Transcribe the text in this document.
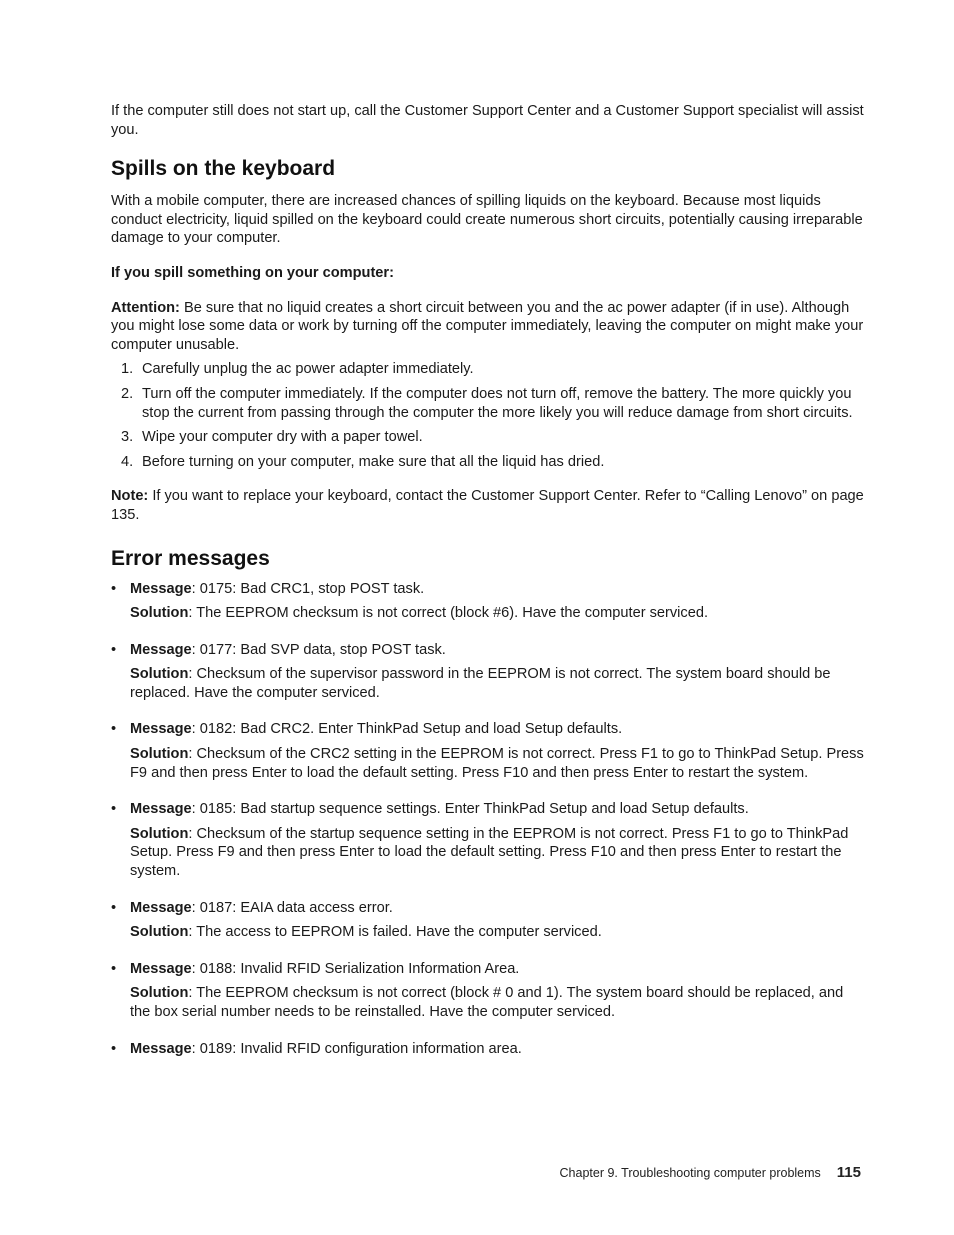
If the computer still does not start up, call the Customer Support Center and a Customer Support specialist will assist you.

Spills on the keyboard

With a mobile computer, there are increased chances of spilling liquids on the keyboard. Because most liquids conduct electricity, liquid spilled on the keyboard could create numerous short circuits, potentially causing irreparable damage to your computer.

If you spill something on your computer:

Attention: Be sure that no liquid creates a short circuit between you and the ac power adapter (if in use). Although you might lose some data or work by turning off the computer immediately, leaving the computer on might make your computer unusable.

1. Carefully unplug the ac power adapter immediately.
2. Turn off the computer immediately. If the computer does not turn off, remove the battery. The more quickly you stop the current from passing through the computer the more likely you will reduce damage from short circuits.
3. Wipe your computer dry with a paper towel.
4. Before turning on your computer, make sure that all the liquid has dried.

Note: If you want to replace your keyboard, contact the Customer Support Center. Refer to “Calling Lenovo” on page 135.

Error messages
• Message: 0175: Bad CRC1, stop POST task.

Solution: The EEPROM checksum is not correct (block #6). Have the computer serviced.

• Message: 0177: Bad SVP data, stop POST task.

Solution: Checksum of the supervisor password in the EEPROM is not correct. The system board should be replaced. Have the computer serviced.

• Message: 0182: Bad CRC2. Enter ThinkPad Setup and load Setup defaults.

Solution: Checksum of the CRC2 setting in the EEPROM is not correct. Press F1 to go to ThinkPad Setup. Press F9 and then press Enter to load the default setting. Press F10 and then press Enter to restart the system.

• Message: 0185: Bad startup sequence settings. Enter ThinkPad Setup and load Setup defaults.

Solution: Checksum of the startup sequence setting in the EEPROM is not correct. Press F1 to go to ThinkPad Setup. Press F9 and then press Enter to load the default setting. Press F10 and then press Enter to restart the system.

• Message: 0187: EAIA data access error.

Solution: The access to EEPROM is failed. Have the computer serviced.

• Message: 0188: Invalid RFID Serialization Information Area.

Solution: The EEPROM checksum is not correct (block # 0 and 1). The system board should be replaced, and the box serial number needs to be reinstalled. Have the computer serviced.

• Message: 0189: Invalid RFID configuration information area.

Chapter 9. Troubleshooting computer problems 115
